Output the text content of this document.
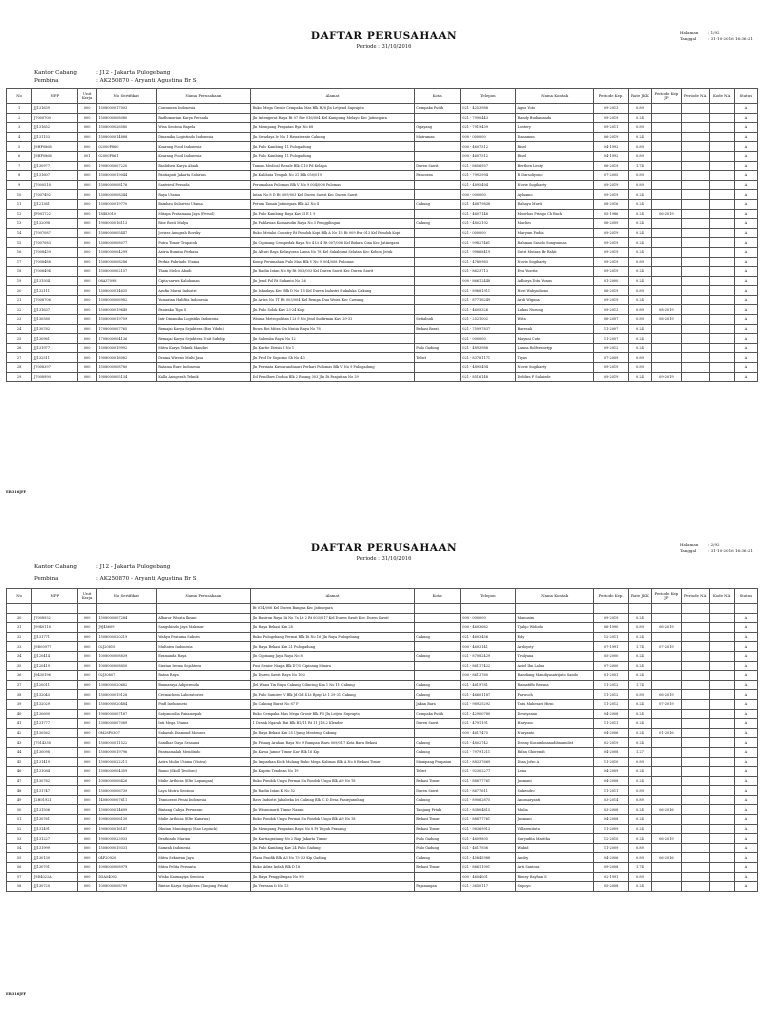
DAFTAR PERUSAHAAN
Periode : 31/10/2016
Halaman : 1/92
Tanggal	: 31-10-2016 16:36:21
Kantor Cabang	: J12 - Jakarta Pulogebang
Pembina	: AK250870 - Aryanti Agustina Br S
No	NPP	Unit Kerja	No Sertifikat	Nama Perusahaan	Alamat	Kota	Telepon	Nama Kontak	Periode Kep.	Rate JKK	Periode Kep JP	Periode NA	Kode NA	Status
1	JJ131639	000	1508000017003	Consumen Indonesia	Ruko Mega Grosir Cempaka Mas Blk H/8 Jln Letjend Suprapto	Cempaka Putih	021 - 4253988	Agus Yoto	09-2013	0.89				A
2	J7000700	000	1508000008080	Radhimurian Karya Persada	Jln Intengerat Raya Rt 07 Rw 016/004 Kel Kampung Melayu Kec Jatinegara		021 - 7990443	Randy Budiananda	09-2019	0.24				A
3	JJ131652	000	1508000026580	Wisa Sentosa Bapela	Jln Mempang Prapatan Rya No 68	Ogayang	021 - 7919439	Lostery	09-2011	0.89				A
4	JJ131153	000	1508000014888	Dinamika Logistindo Indonesia	Jln Swadaya Iv No 1 Rawaterate Cakung	Matraman	000 - 000000	Danamun	06-2019	0.24				A
5	J9HP0868	000	02000P860	Koarang Food Indonesia	Jln Pulo Kambing 11 Pulogadung		000 - 4607512	Risel	04-1992	0.89				A
6	J9HP0868	001	02000P861	Koarang Food Indonesia	Jln Pulo Kambing 11 Pulogadung		000 - 4607512	Risel	04-1992	0.89				A
7	JJ130977	000	1908000007220	Baslidsen Karya Abadi	Taman Medical Resale Blk C10 Pd Kelapa	Duren Sawit	021 - 8656957	Bertlien Lenty	06-2019	1.74				A
8	JJ131607	000	1508000019044	Pantiapati Jakarta Solarius	Jln Kalibata Tengah No 31 Blk 050/019	Pancoran	021 - 7992994	R Darsoliyono	07-2005	0.89				A
9	J7000518	000	1508000008176	Santriesf Persada	Perumahan Pulomas Blk V No 9 004/008 Pulomas		021 - 4895494	Novie Sugiharty	09-2019	0.89				A
10	J7007492	000	1508000008344	Raya Utama	Intan No 8 D Rt 009/003 Kel Duren Sawit Kec Duren Sawit		000 - 000000	Aylaamo	09-2019	0.24				A
11	JJ121361	000	1508000019770	Bambau Sulawesi Utama	Perum Taman Jatinegara Blk A2 No 4	Cakung	021 - 46879838	Rahayu Murti	08-2016	0.24				A
12	JP001722	000	18483010	Mitapa Pratamaaa Jaya (Persol)	Jln Pulo Kambing Raya Kav II E 1 9		021 - 4607146	Moerhas Pringo Ch Bach	05-1986	0.24	06-2019			A
13	JJ132098	000	1908000016113	Rise Resti Mulya	Jln Pahlawan Komarudin Raya No 3 Penggilingan	Cakung	021 - 4802192	Marlies	06-2009	0.24				A
14	J7007087	000	1508000005447	Joviras Anugrah Rovsky	Ruko Metaloi Country Rt Pondok Kopi Blk A No 15 Rt 009 Rw 013 Kel Pondok Kopi		021 - 000000	Maryum Pudia	09-2019	0.24				A
15	J7007083	000	1508000008077	Putra Timur Trapatok	Jln Cipinang Cempedak Raya No 4 Lt 4 Rt 007/006 Kel Bidara Cina Kec Jatinegara		021 - 99827461	Rahman Sasolo Sungsumas	09-2019	0.24				A
16	J7008439	000	1508000004299	Astria Bumisa Perkasa	Jln Alturi Raya Kebayoran Lama No 78 Kel Sukabumi Selatan Kec Kebon Jeruk		021 - 99868419	Sutri Mutara Br Bahti	09-2019	0.24				A
17	J7008488	000	1508000008286	Perkia Fabriado Utama	Komp Perumahan Pulo Mas Blk V No 9 004/008 Pulomas		021 - 4780983	Novie Sugiharty	09-2019	0.89				A
18	J7008494	000	1508000002157	Tham Melco Abadi	Jln Radin Intan No 8p Rt 003/003 Kel Duren Sawit Kec Duren Sawit		021 - 8623713	Eva Yusrita	09-2019	0.24				A
19	JJ131934	000	08A37098	Cipta-sarwa Kaluhanan	Jln Jend Pol Rt Sukanto No 26		000 - 86612448	Adhisya Ditu Yunus	01-2000	0.24				A
20	JJ132111	000	1508000014635	Arufin Murni Industri	Jln Iskadayu Kec Blk D No 15 Kel Duren Industri Sukaluka Cakung		021 - 89681911	Heri Wahyudiono	06-2019	0.89				A
21	J7008706	000	1508000006982	Yumarian Haliftia Indonesia	Jln Aries No 1T Rt 003/004 Kel Rempa Dua Weira Kec Cawang		021 - 87716249	Ardi Wiguna	09-2019	0.24				A
22	JJ131637	000	1508000019649	Paniraka Tiga S	Jln Pulo Solok Kav 23-24 Kop		021 - 4605326	Lukas Nurung	09-2013	0.89	08-2019			A
23	JJ130580	000	1508000019759	Intr Dinamika Logistiks Indonesia	Wisma Metropolitan I Lt 9 No Jend Sudirman Kav 29-31	Setiabudi	021 - 2521002	Wita	06-2007	0.89	08-2019			A
24	JJ130782	000	1708000007765	Remajai Karya Sejahtera (Bro Yihdu)	Ruwa Rei Mitra On Niutia Raya No 78	Bekasi Barat	021 - 75997837	Baresali	11-2007	0.24				A
25	JJ130961	000	1708000004136	Remajai Karya Sejahtera Unit Subdip	Jln Salemba Raya No 12		021 - 000000	Mayuni Cute	11-2007	0.24				A
26	JJ131977	000	1508000019992	Mitra Karya Teknik Mandiri	Jln Kartie Dirisis I No 1	Pulo Gadung	021 - 4893988	Lanna Rolfersnetyp	09-2012	0.24				A
27	JJ132511	000	1908000016082	Drama Wireno Multi Jasa	Jln Prof Dr Supomo Sh No 43	Tebet	021 - 83781171	Tiyas	07-2009	0.89				A
28	J7008397	000	1508000008780	Ratama Bure Indonesia	Jln Permata Kawarandnauri Perkari Pulomas Blk V No 9 Pulogadung		021 - 4895494	Novie Sugiharty	09-2019	0.89				A
29	J7008990	000	1908000005134	Kalla Anugerah Teknik	Dd Pendhuw Dodua Blk 2 Ruang 303 Jln Di Panjaitan No 29		021 - 8516148	Deldira P Sulaiede	09-2019	0.24	09-2019			A
EB316JFF
DAFTAR PERUSAHAAN
Periode : 31/10/2016
Halaman : 2/92
Tanggal	: 31-10-2016 16:36:21
Kantor Cabang	: J12 - Jakarta Pulogebang
Pembina	: AK250870 - Aryanti Agustina Br S
No	NPP	Unit Kerja	No Sertifikat	Nama Perusahaan	Alamat	Kota	Telepon	Nama Kontak	Periode Kep.	Rate JKK	Periode Kep JP	Periode NA	Kode NA	Status
					Rt 014/006 Kel Duren Bangsa Kec Jatinegara									
30	J7008932	000	1508000007284	Albaror Wisata Ikrani	Jln Basirun Raya Iii No 7a Lt 2 Rt 003/017 Kel Duren Sawit Kec Duren Sawit		000 - 000000	Manusim	09-2019	0.24				A
31	J9940118	000	J9J45609	Sangshindo Jaya Makmur	Jln Raya Bekasi Km 28		000 - 4603662	Tjahjo Widodo	06-1990	0.89	06-2019			A
32	JJ131771	000	1508000020219	Wahyu Pratama Sukses	Ruko Pulogebang Permai Blk Di No 16 Jln Raya Pulogebang	Cakung	021 - 4603456	Edy	12-2011	0.24				A
33	J9D00977	000	02J20810	Multatex Indonesia	Jln Raya Bekasi Km 21 Pulogadung		000 - 4603141	Ardoyoty	07-1991	1.74	07-2019			A
34	JJ120414	000	1008000008839	Eramanda Raya	Jln Cipinang Jaya Raya No 8	Cakung	021 - 87082429	Trulyana	05-2000	0.24				A
35	JJ120419	000	1008000008850	Siratan Irema Sejahtera	Pusi Senior Niaga Blk D7/5 Cipinang Muara		021 - 86117422	Aziel Ibn Lalua	07-2000	0.24				A
36	J9430196	000	02J30807	Ratna Raya	Jln Duren Sawit Raya No 100		000 - 8613760	Randiang Mandiyasatrijato Sando	01-2001	0.24				A
37	JJ120011	000	1308000020682	Buanaraya Adiperenda	Jlel Wana Tin Raya Cakung Cilincing Km 1 No 11 Cakung	Cakung	021 - 4619781	Ramatiffo Ressna	11-2012	1.74				A
38	JJ132043	000	1508000019128	Cremachem Laboratories	Jln Pulo Sumirer V Blk Jd Gd 4 Lt Rpsp Lt 1 29-31 Cakung	Cakung	021 - 46601187	Parwoch	11-2012	0.89	06-2019			A
39	JJ132029	000	1508000020484	Pinfl Inelusmeto	Jln Cakung Barat No 87 P	Jakan Bara	021 - 98925292	Tatu Mahesari Hirni	11-2012	0.24	07-2019			A
40	JJ130690	000	1908000007187	Satyanosilia Panamepak	Ruko Cempaka Mas Mega Grosir Blk F5 Jln Letjen Suprapto	Cempaka Putih	021 - 42900780	Dewiyanan	04-2008	0.24				A
41	JJ131777	000	1308000007089	Inti Mega Utama	1 Desak Ngarah Rai Blk B1/11 Rt 11 J18.2 Klender	Duren Sawit	021 - 4791191	Haryono	11-2011	0.24				A
42	JJ130562	000	0M28P0307	Sukaeah Diamond Mouses	Jln Raya Bekasi Km 25 Ujung Menteng Cakung		000 - 4617475	Nuryanto	04-2006	0.24	01-2016			A
43	J7014338	000	1508000011522	Sandhar Daya Sesauna	Jln Pisang Arahan Raya No 9 Rumpan Baru 009/017 Kota Baru Bekasi	Cakung	021 - 4802742	Denny Kusumbnanadibnanulist	02-2019	0.24				A
44	JJ130098	000	1508000019796	Pantuamalah Mendindo	Jln Kawa Jamur Timur Kav Blk 16 Kip	Cakung	021 - 79791211	Rifan Ghoremfi	04-2008	1.27				A
45	JJ131419	000	1508000022211	Astra Muliu Utama (Vistra)	Jln Imparkan Kick Mulang Ruko Mega Kalimas Blk A No 8 Bekasi Timur	Mampang Prapatan	021 - 88337669	Dian Jofro A	11-2010	0.89				A
46	JJ131084	000	1508000004359	Ranni (Skoll Teodoro)	Jln Kaprin Tendean No 19	Tebet	021 - 92302277	Lena	04-2009	0.24				A
47	JJ130782	000	1008000006426	Mulie Arthicia (Elte Lapangan)	Ruko Pondok Ungu Permai Sa Pondok Ungu Blk A9 No 18	Bekasi Timur	021 - 88877761	Jasmani	04-2008	0.24				A
48	JJ131747	000	1508000006739	Laya Mutra Sentosa	Jln Radin Intan K No 52	Duren Sawit	021 - 8677611	Sukendro	11-2011	0.89				A
49	J2H01921	000	1408000007611	Tramoerat Penai Indonesia	Ravs Industri Jababeka Iri Cakung Blk C D Desa Pasirgunuhng	Cakung	021 - 89062875	Anomaryanti	03-2014	0.89				A
50	JJ131506	000	1508000014699	Bintang Cahya Perwaran	Jln Wisnumurti Timur Nazan	Tanjung Priuk	021 - 83804815	Mulia	03-2008	0.24	06-2016			A
51	JJ130761	000	1008000006130	Mulie Arthicia (Elte Kanawa)	Ruko Pondok Ungu Permai Sa Pondok Ungu Blk A9 No 18	Bekasi Timur	021 - 88877761	Jasmani	04-2008	0.24				A
52	JJ131491	000	1908000016147	Dhutan Munitagoji (Sno Lepinck)	Jln Mempang Prapatan Raya No 8 Pt Teguh Prasang	Bekasi Timur	021 - 98369913	Villarentiutu	11-2009	0.24				A
53	JJ131227	000	1908000023933	Drathindo Marian	Jln Kartiagratang No 2 Rap Jakarta Timur	Pulo Gadung	021 - 4609805	Suryadita Maritha	12-2010	0.24	06-2019			A
54	JJ131999	000	1508000019331	Samrah Indonesia	Jln Pulo Kambing Kav 24 Pulo Gadung	Pulo Gadung	021 - 4617936	Wahid	11-2009	0.89				A
55	JJ130130	000	04P20920	Mitra Sekawan Jaya	Plaza Pasifik Blk A3 No 75-33 Kip Gading	Cakung	021 - 45845988	Andry	04-2006	0.89	06-2016			A
56	JJ130701	000	1008000008979	Mitra Pelita Persanta	Ruko Adria Indah Blk D 18	Bekasi Timur	021 - 86611901	Arti Santosa	09-2008	1.74				A
57	J9D4022A	000	D5A04092	Wiska Kaimagiya Sentosa	Jln Raya Penggilingan No 99		000 - 4604001	Rimey Rayhan S	02-1991	0.89				A
58	JJ130720	000	1008000008799	Rintae Karya Sejahtera (Tanjung Priuk)	Jln Vereaan Ii No 13	Pajanangan	021 - 3650117	Supoyo	05-2008	0.24				A
EB316JFF
